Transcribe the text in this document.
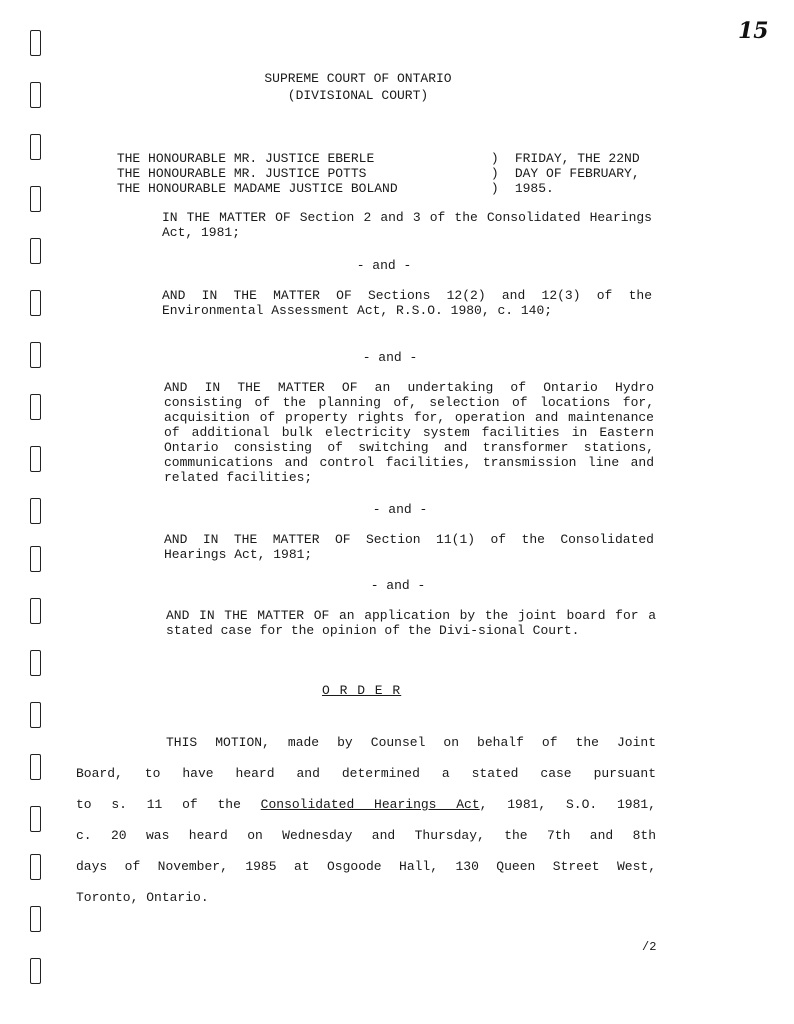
15
SUPREME COURT OF ONTARIO
(DIVISIONAL COURT)

THE HONOURABLE MR. JUSTICE EBERLE	) FRIDAY, THE 22ND

THE HONOURABLE MR. JUSTICE POTTS	) DAY OF FEBRUARY,

THE HONOURABLE MADAME JUSTICE BOLAND	) 1985.

IN THE MATTER OF Section 2 and 3 of the Consolidated Hearings Act, 1981;

- and -

AND IN THE MATTER OF Sections 12(2) and 12(3) of the Environmental Assessment Act, R.S.O. 1980, c. 140;

- and -

AND IN THE MATTER OF an undertaking of Ontario Hydro consisting of the planning of, selection of locations for, acquisition of property rights for, operation and maintenance of additional bulk electricity system facilities in Eastern Ontario consisting of switching and transformer stations, communications and control facilities, transmission line and related facilities;

- and -

AND IN THE MATTER OF Section 11(1) of the Consolidated Hearings Act, 1981;

- and -

AND IN THE MATTER OF an application by the joint board for a stated case for the opinion of the Divi-sional Court.

O R D E R
THIS MOTION, made by Counsel on behalf of the Joint
Board, to have heard and determined a stated case pursuant
to s. 11 of the Consolidated Hearings Act, 1981, S.O. 1981,
c. 20 was heard on Wednesday and Thursday, the 7th and 8th
days of November, 1985 at Osgoode Hall, 130 Queen Street West,
Toronto, Ontario.
/2
